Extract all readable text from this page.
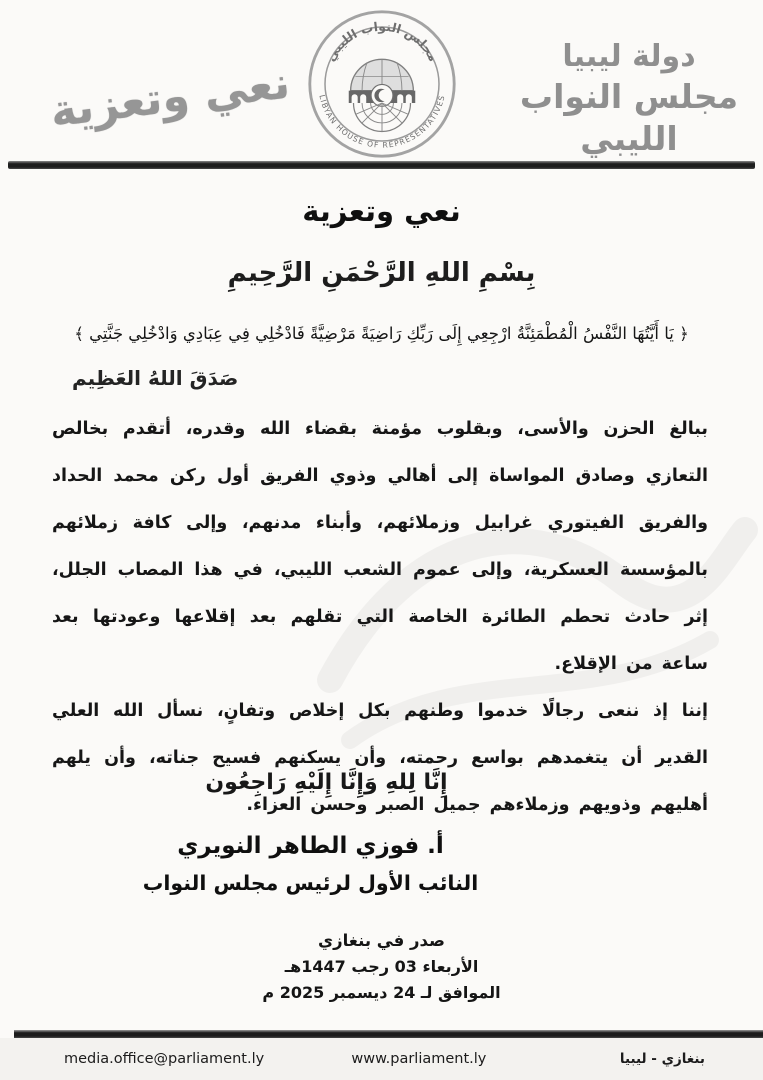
نعي وتعزية
مجلس النواب الليبي
LIBYAN HOUSE OF REPRESENTATIVES
دولة ليبيا
مجلس النواب الليبي
نعي وتعزية
بِسْمِ اللهِ الرَّحْمَنِ الرَّحِيمِ
﴿ يَا أَيَّتُهَا النَّفْسُ الْمُطْمَئِنَّةُ ارْجِعِي إِلَى رَبِّكِ رَاضِيَةً مَرْضِيَّةً فَادْخُلِي فِي عِبَادِي وَادْخُلِي جَنَّتِي ﴾
صَدَقَ اللهُ العَظِيم

ببالغ الحزن والأسى، وبقلوب مؤمنة بقضاء الله وقدره، أتقدم بخالص التعازي وصادق المواساة إلى أهالي وذوي الفريق أول ركن محمد الحداد والفريق الفيتوري غرابيل وزملائهم، وأبناء مدنهم، وإلى كافة زملائهم بالمؤسسة العسكرية، وإلى عموم الشعب الليبي، في هذا المصاب الجلل، إثر حادث تحطم الطائرة الخاصة التي تقلهم بعد إقلاعها وعودتها بعد ساعة من الإقلاع.

إننا إذ ننعى رجالًا خدموا وطنهم بكل إخلاص وتفانٍ، نسأل الله العلي القدير أن يتغمدهم بواسع رحمته، وأن يسكنهم فسيح جناته، وأن يلهم أهليهم وذويهم وزملاءهم جميل الصبر وحسن العزاء.

إِنَّا لِلهِ وَإِنَّا إِلَيْهِ رَاجِعُون
أ. فوزي الطاهر النويري
النائب الأول لرئيس مجلس النواب
صدر في بنغازي
الأربعاء 03 رجب 1447هـ
الموافق لـ 24 ديسمبر 2025 م
media.office@parliament.ly	www.parliament.ly	بنغازي - ليبيا
